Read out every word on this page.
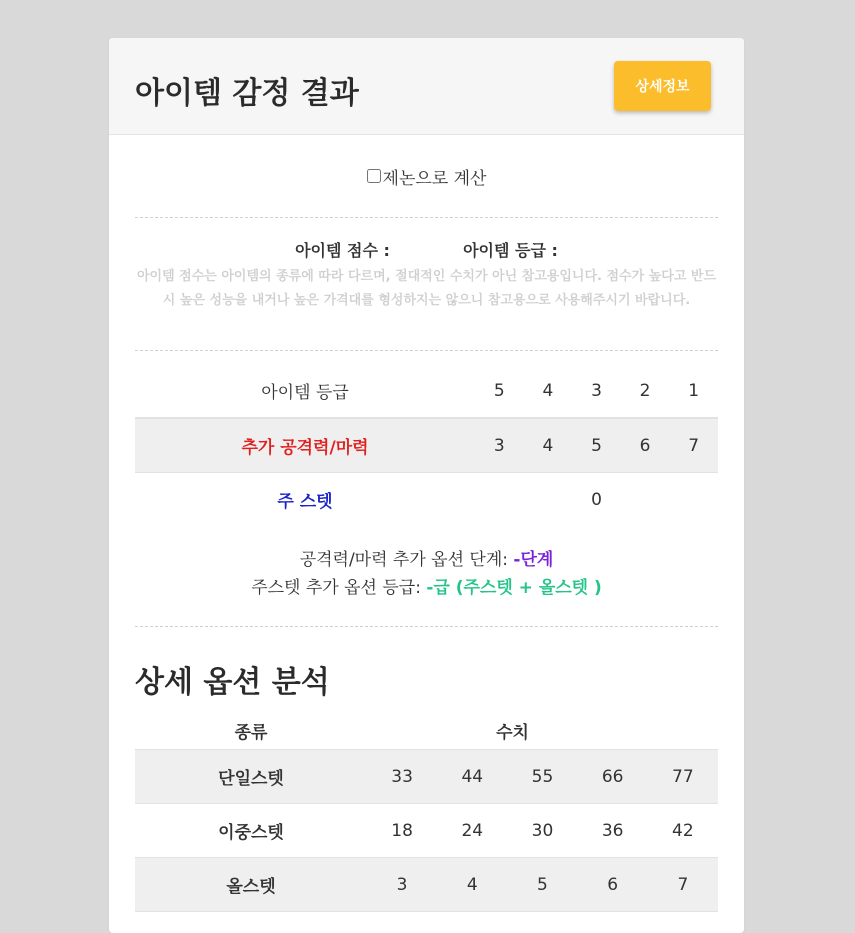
아이템 감정 결과	상세정보
제논으로 계산
아이템 점수 :	아이템 등급 :
아이템 점수는 아이템의 종류에 따라 다르며, 절대적인 수치가 아닌 참고용입니다. 점수가 높다고 반드시 높은 성능을 내거나 높은 가격대를 형성하지는 않으니 참고용으로 사용해주시기 바랍니다.
아이템 등급	5	4	3	2	1
추가 공격력/마력	3	4	5	6	7
주 스텟			0		
공격력/마력 추가 옵션 단계: -단계
주스텟 추가 옵션 등급: -급 (주스텟 + 올스텟 )
상세 옵션 분석
종류	수치				
단일스텟	33	44	55	66	77
이중스텟	18	24	30	36	42
올스텟	3	4	5	6	7
